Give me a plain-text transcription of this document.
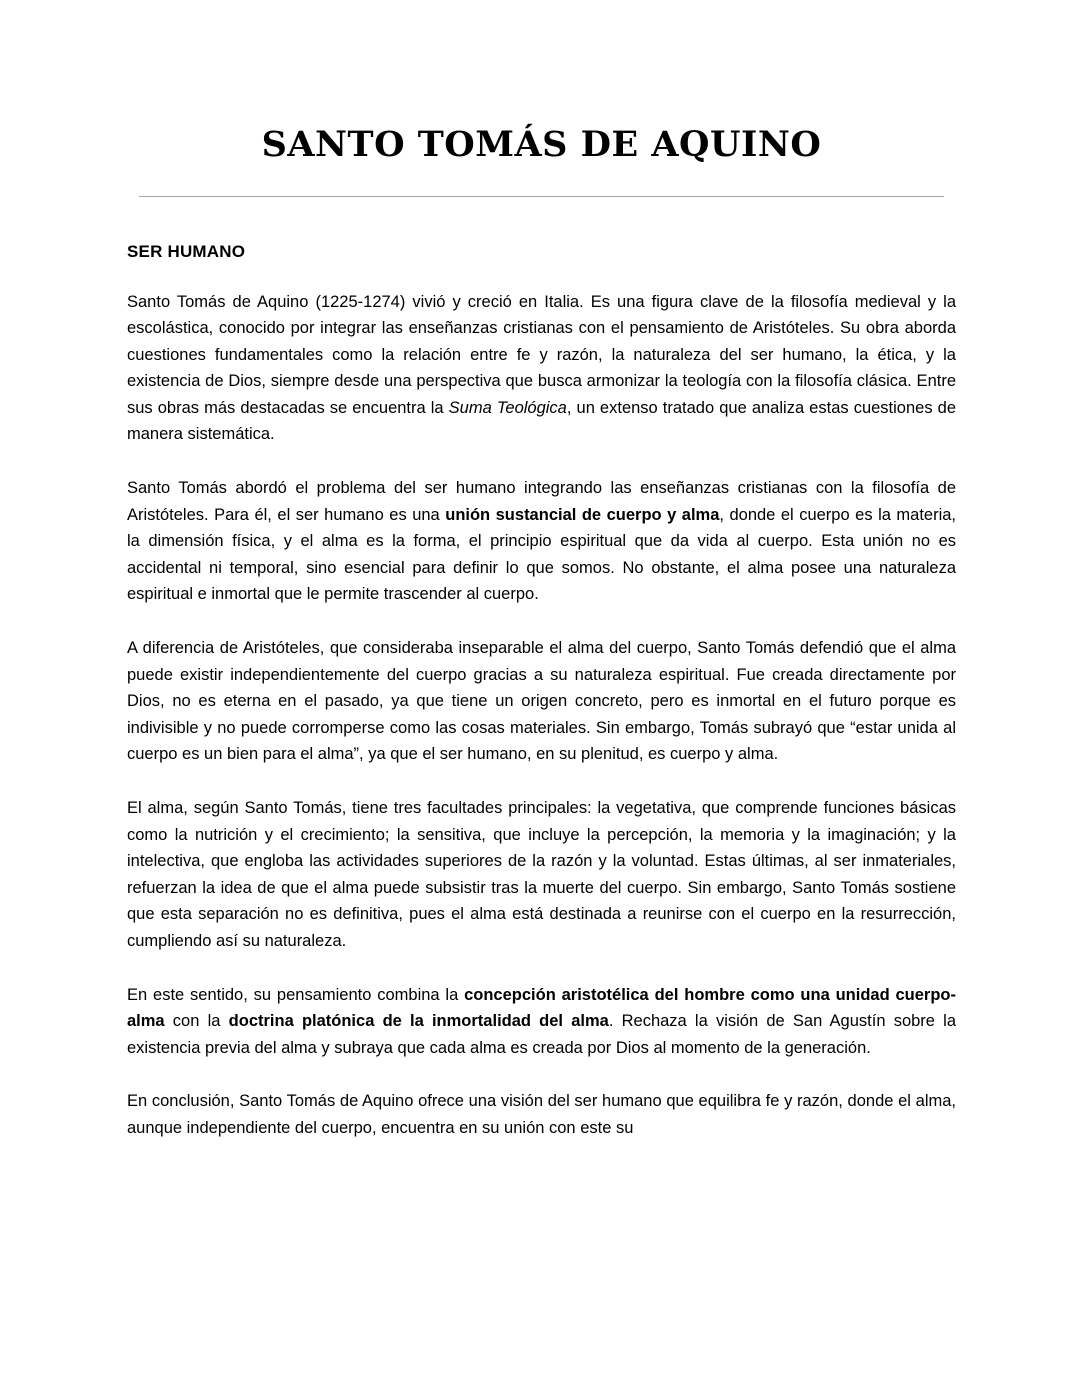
SANTO TOMÁS DE AQUINO
SER HUMANO

Santo Tomás de Aquino (1225-1274) vivió y creció en Italia. Es una figura clave de la filosofía medieval y la escolástica, conocido por integrar las enseñanzas cristianas con el pensamiento de Aristóteles. Su obra aborda cuestiones fundamentales como la relación entre fe y razón, la naturaleza del ser humano, la ética, y la existencia de Dios, siempre desde una perspectiva que busca armonizar la teología con la filosofía clásica. Entre sus obras más destacadas se encuentra la Suma Teológica, un extenso tratado que analiza estas cuestiones de manera sistemática.

Santo Tomás abordó el problema del ser humano integrando las enseñanzas cristianas con la filosofía de Aristóteles. Para él, el ser humano es una unión sustancial de cuerpo y alma, donde el cuerpo es la materia, la dimensión física, y el alma es la forma, el principio espiritual que da vida al cuerpo. Esta unión no es accidental ni temporal, sino esencial para definir lo que somos. No obstante, el alma posee una naturaleza espiritual e inmortal que le permite trascender al cuerpo.

A diferencia de Aristóteles, que consideraba inseparable el alma del cuerpo, Santo Tomás defendió que el alma puede existir independientemente del cuerpo gracias a su naturaleza espiritual. Fue creada directamente por Dios, no es eterna en el pasado, ya que tiene un origen concreto, pero es inmortal en el futuro porque es indivisible y no puede corromperse como las cosas materiales. Sin embargo, Tomás subrayó que “estar unida al cuerpo es un bien para el alma”, ya que el ser humano, en su plenitud, es cuerpo y alma.

El alma, según Santo Tomás, tiene tres facultades principales: la vegetativa, que comprende funciones básicas como la nutrición y el crecimiento; la sensitiva, que incluye la percepción, la memoria y la imaginación; y la intelectiva, que engloba las actividades superiores de la razón y la voluntad. Estas últimas, al ser inmateriales, refuerzan la idea de que el alma puede subsistir tras la muerte del cuerpo. Sin embargo, Santo Tomás sostiene que esta separación no es definitiva, pues el alma está destinada a reunirse con el cuerpo en la resurrección, cumpliendo así su naturaleza.

En este sentido, su pensamiento combina la concepción aristotélica del hombre como una unidad cuerpo-alma con la doctrina platónica de la inmortalidad del alma. Rechaza la visión de San Agustín sobre la existencia previa del alma y subraya que cada alma es creada por Dios al momento de la generación.

En conclusión, Santo Tomás de Aquino ofrece una visión del ser humano que equilibra fe y razón, donde el alma, aunque independiente del cuerpo, encuentra en su unión con este su
